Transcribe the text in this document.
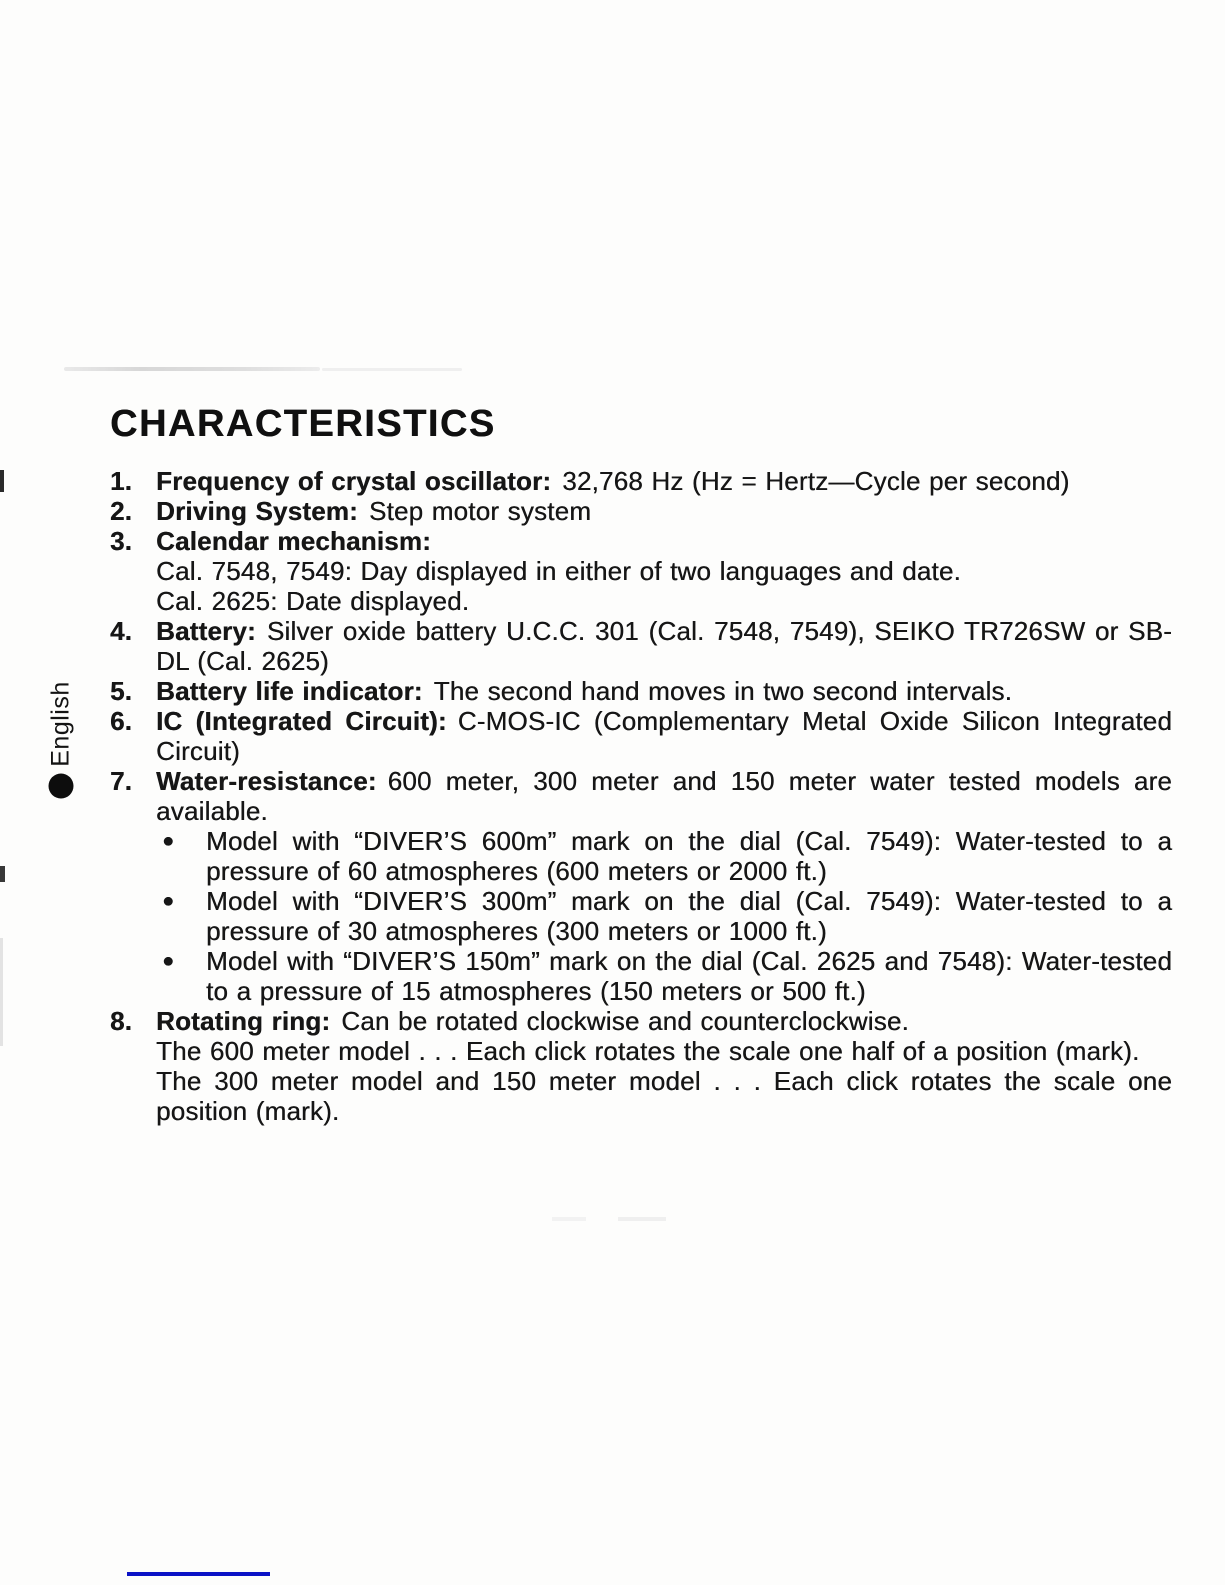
English
CHARACTERISTICS
1. Frequency of crystal oscillator: 32,768 Hz (Hz = Hertz—Cycle per second)

2. Driving System: Step motor system

3. Calendar mechanism:

Cal. 7548, 7549: Day displayed in either of two languages and date.

Cal. 2625: Date displayed.

4. Battery: Silver oxide battery U.C.C. 301 (Cal. 7548, 7549), SEIKO TR726SW or SB-DL (Cal. 2625)

5. Battery life indicator: The second hand moves in two second intervals.

6. IC (Integrated Circuit): C-MOS-IC (Complementary Metal Oxide Silicon Integrated Circuit)

7. Water-resistance: 600 meter, 300 meter and 150 meter water tested models are available.

● Model with “DIVER’S 600m” mark on the dial (Cal. 7549): Water-tested to a pressure of 60 atmospheres (600 meters or 2000 ft.)

● Model with “DIVER’S 300m” mark on the dial (Cal. 7549): Water-tested to a pressure of 30 atmospheres (300 meters or 1000 ft.)

● Model with “DIVER’S 150m” mark on the dial (Cal. 2625 and 7548): Water-tested to a pressure of 15 atmospheres (150 meters or 500 ft.)

8. Rotating ring: Can be rotated clockwise and counterclockwise.

The 600 meter model . . . Each click rotates the scale one half of a position (mark).

The 300 meter model and 150 meter model . . . Each click rotates the scale one position (mark).
